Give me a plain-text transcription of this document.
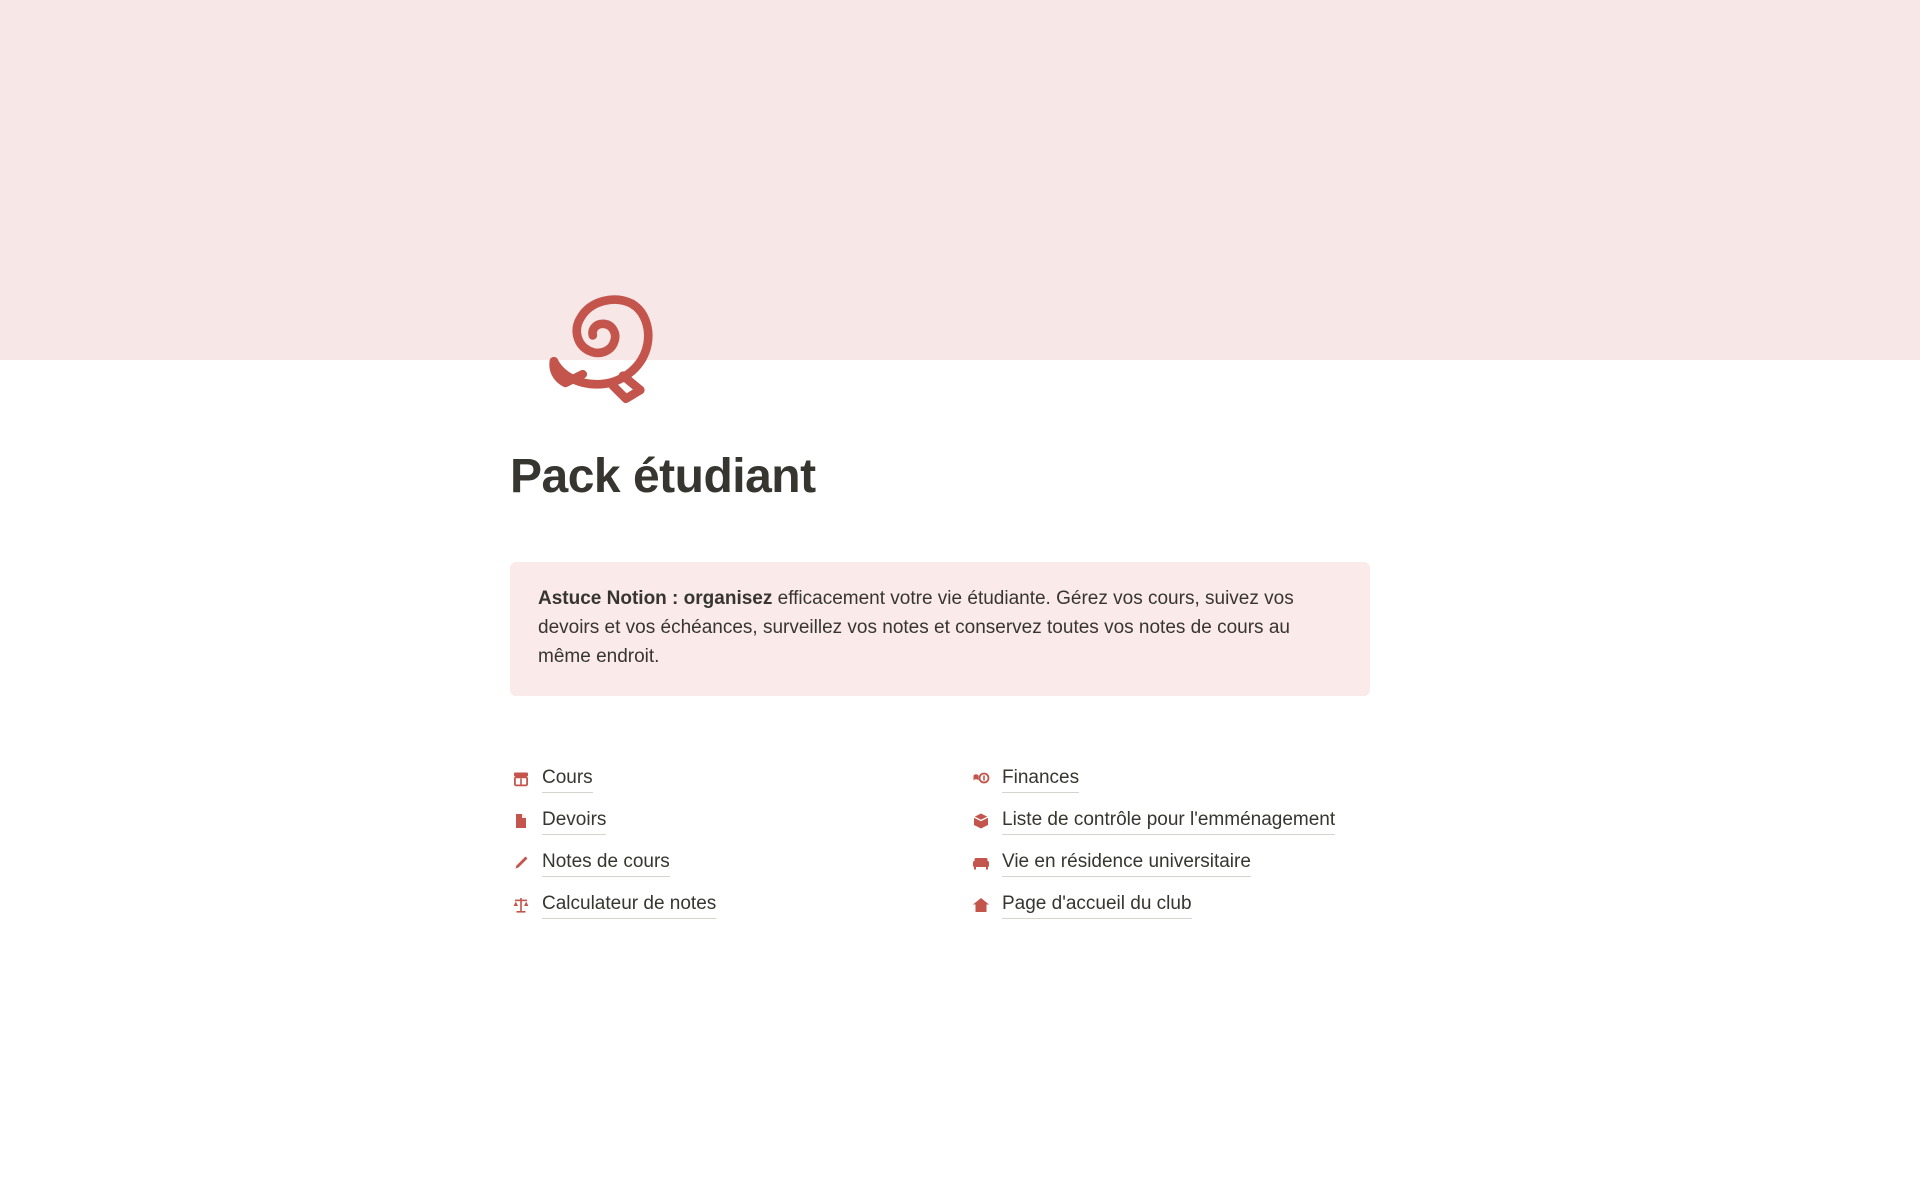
Pack étudiant
Astuce Notion : organisez efficacement votre vie étudiante. Gérez vos cours, suivez vos devoirs et vos échéances, surveillez vos notes et conservez toutes vos notes de cours au même endroit.
Cours
Devoirs
Notes de cours
Calculateur de notes
Finances
Liste de contrôle pour l'emménagement
Vie en résidence universitaire
Page d'accueil du club
